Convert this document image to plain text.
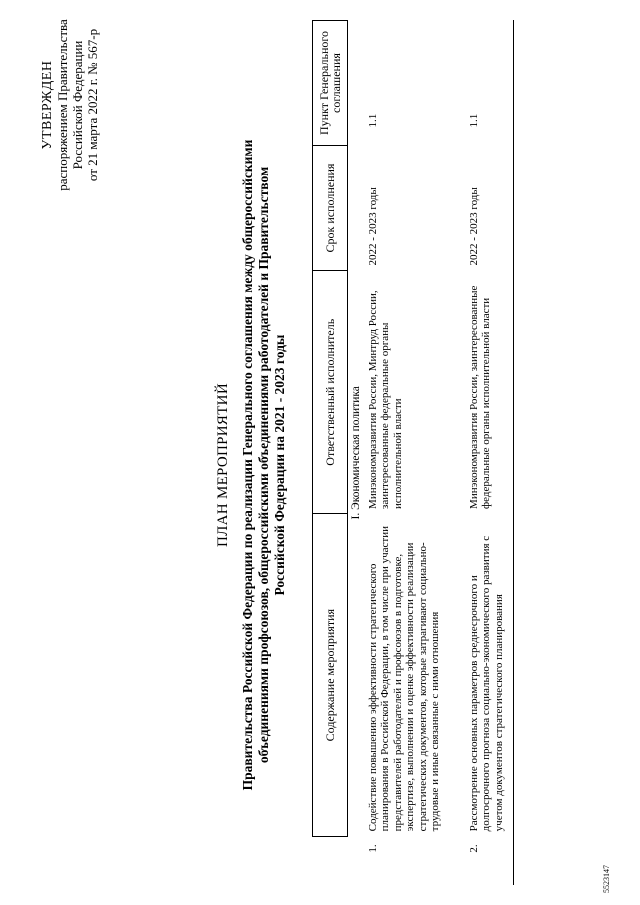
УТВЕРЖДЕН распоряжением Правительства Российской Федерации от 21 марта 2022 г. № 567-р
ПЛАН МЕРОПРИЯТИЙ Правительства Российской Федерации по реализации Генерального соглашения между общероссийскими объединениями профсоюзов, общероссийскими объединениями работодателей и Правительством Российской Федерации на 2021 - 2023 годы
	Содержание мероприятия	Ответственный исполнитель	Срок исполнения	Пункт Генерального соглашения
I. Экономическая политика				
1.	Содействие повышению эффективности стратегического планирования в Российской Федерации, в том числе при участии представителей работодателей и профсоюзов в подготовке, экспертизе, выполнении и оценке эффективности реализации стратегических документов, которые затрагивают социально-трудовые и иные связанные с ними отношения	Минэкономразвития России, Минтруд России, заинтересованные федеральные органы исполнительной власти	2022 - 2023 годы	1.1

2.	Рассмотрение основных параметров среднесрочного и долгосрочного прогноза социально-экономического развития с учетом документов стратегического планирования	Минэкономразвития России, заинтересованные федеральные органы исполнительной власти	2022 - 2023 годы	1.1

5523147
